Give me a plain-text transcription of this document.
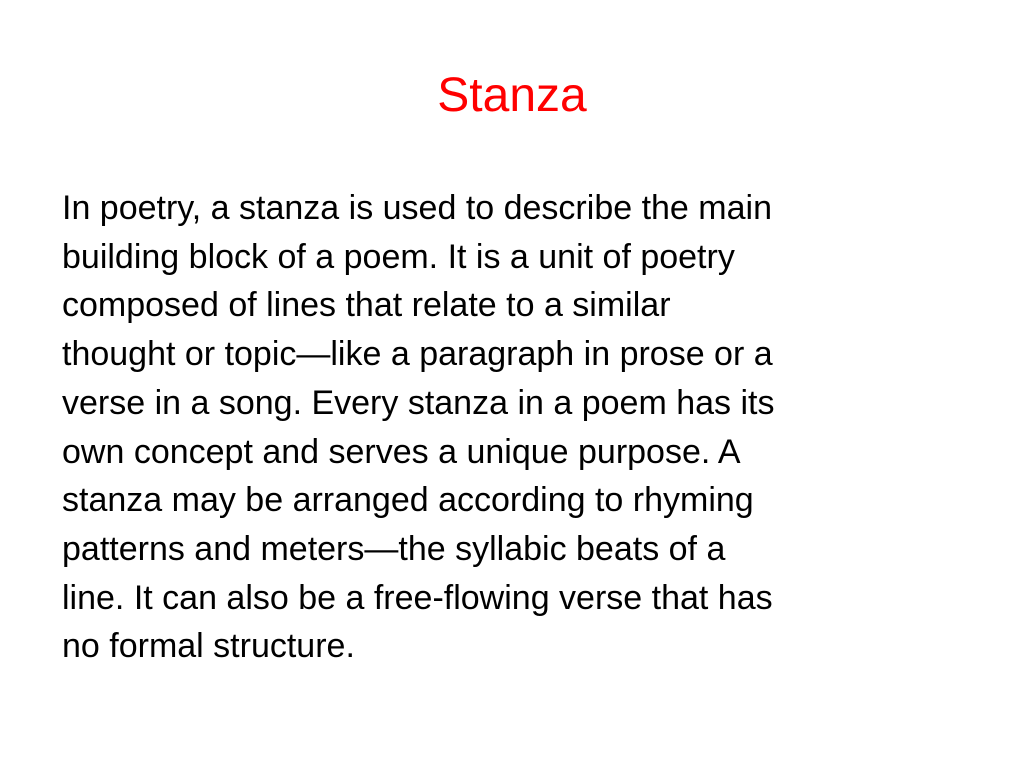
Stanza

In poetry, a stanza is used to describe the main
building block of a poem. It is a unit of poetry
composed of lines that relate to a similar
thought or topic—like a paragraph in prose or a
verse in a song. Every stanza in a poem has its
own concept and serves a unique purpose. A
stanza may be arranged according to rhyming
patterns and meters—the syllabic beats of a
line. It can also be a free-flowing verse that has
no formal structure.
